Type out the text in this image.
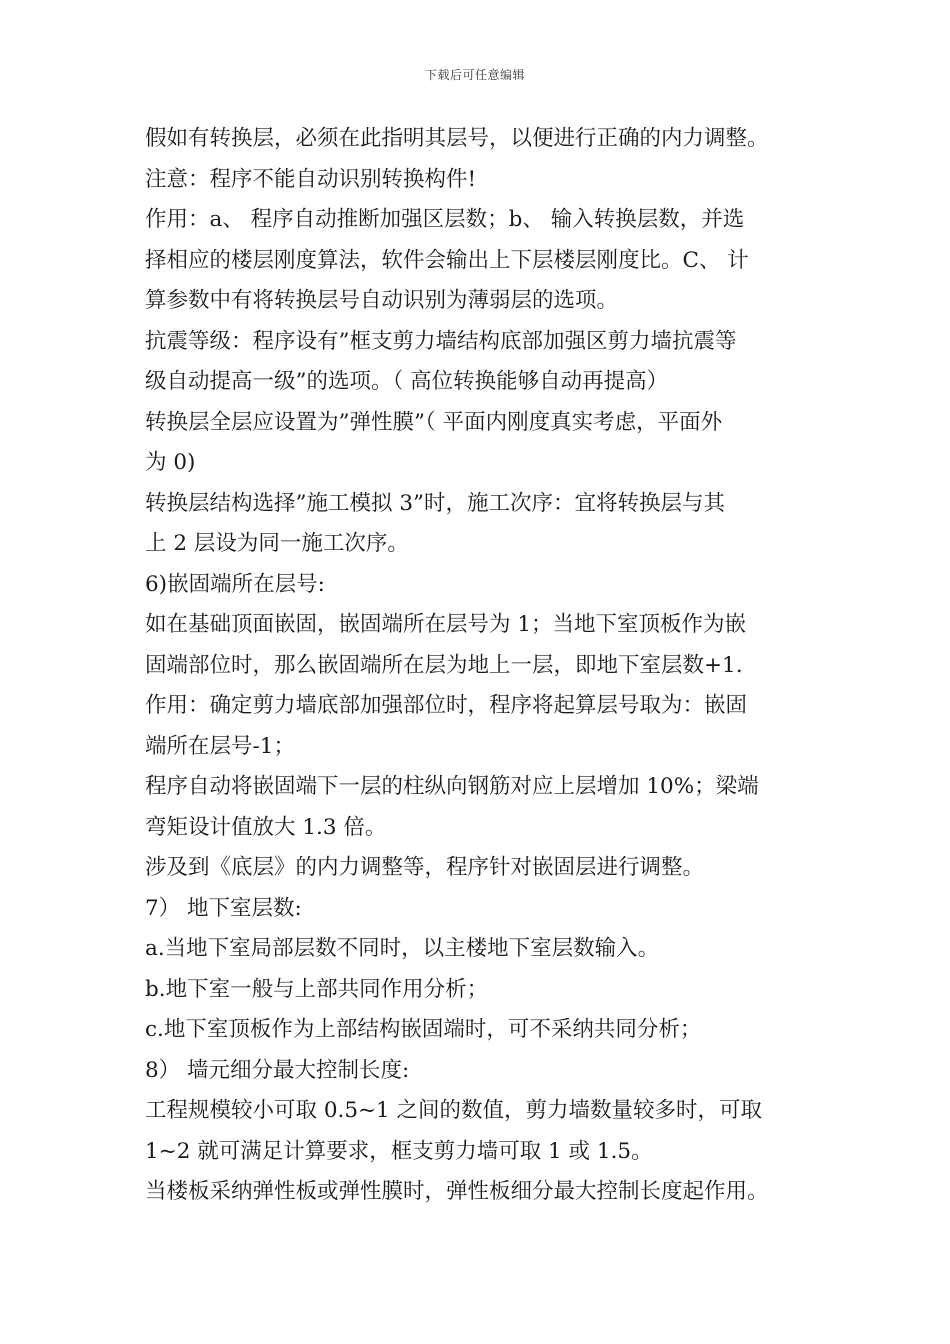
下载后可任意编辑
假如有转换层，必须在此指明其层号，以便进行正确的内力调整。
注意：程序不能自动识别转换构件!
作用：a、 程序自动推断加强区层数；b、 输入转换层数，并选
择相应的楼层刚度算法，软件会输出上下层楼层刚度比。C、 计
算参数中有将转换层号自动识别为薄弱层的选项。
抗震等级：程序设有”框支剪力墙结构底部加强区剪力墙抗震等
级自动提高一级”的选项。（ 高位转换能够自动再提高）
转换层全层应设置为”弹性膜”（ 平面内刚度真实考虑，平面外
为 0)
转换层结构选择”施工模拟 3”时，施工次序：宜将转换层与其
上 2 层设为同一施工次序。
6)嵌固端所在层号:
如在基础顶面嵌固，嵌固端所在层号为 1；当地下室顶板作为嵌
固端部位时，那么嵌固端所在层为地上一层，即地下室层数+1.
作用：确定剪力墙底部加强部位时，程序将起算层号取为：嵌固
端所在层号-1；
程序自动将嵌固端下一层的柱纵向钢筋对应上层增加 10%；梁端
弯矩设计值放大 1.3 倍。
涉及到《底层》的内力调整等，程序针对嵌固层进行调整。
7） 地下室层数:
a.当地下室局部层数不同时，以主楼地下室层数输入。
b.地下室一般与上部共同作用分析；
c.地下室顶板作为上部结构嵌固端时，可不采纳共同分析；
8） 墙元细分最大控制长度:
工程规模较小可取 0.5~1 之间的数值，剪力墙数量较多时，可取
1~2 就可满足计算要求，框支剪力墙可取 1 或 1.5。
当楼板采纳弹性板或弹性膜时，弹性板细分最大控制长度起作用。
